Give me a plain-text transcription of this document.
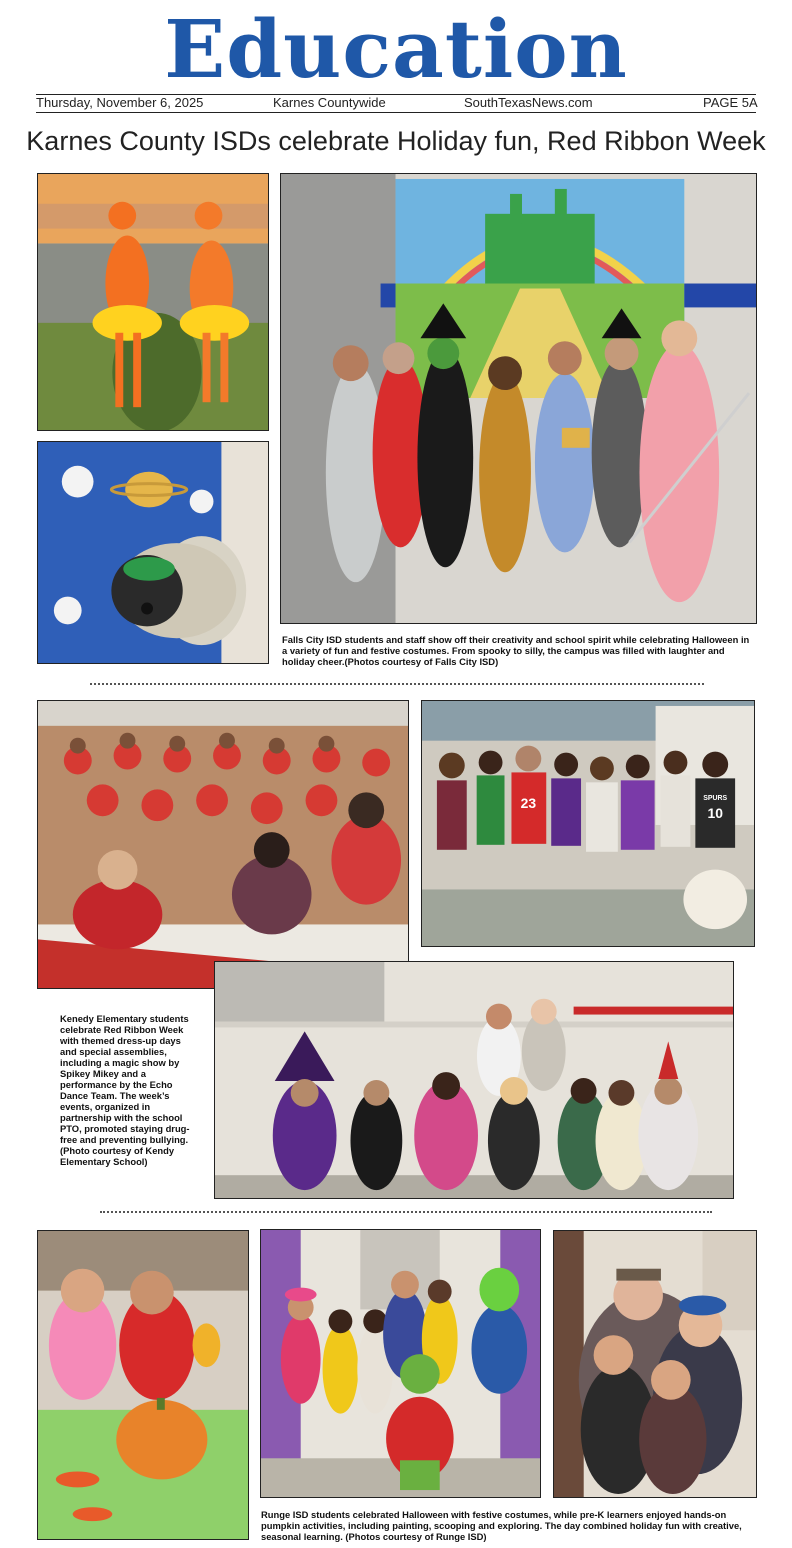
Education
Thursday, November 6, 2025	Karnes Countywide	SouthTexasNews.com	PAGE 5A
Karnes County ISDs celebrate Holiday fun, Red Ribbon Week
Falls City ISD students and staff show off their creativity and school spirit while celebrating Halloween in a variety of fun and festive costumes. From spooky to silly, the campus was filled with laughter and holiday cheer.(Photos courtesy of Falls City ISD)
23	SPURS
10
Kenedy Elementary students celebrate Red Ribbon Week with themed dress-up days and special assemblies, including a magic show by Spikey Mikey and a performance by the Echo Dance Team. The week’s events, organized in partnership with the school PTO, promoted staying drug-free and preventing bullying. (Photo courtesy of Kendy Elementary School)
Runge ISD students celebrated Halloween with festive costumes, while pre-K learners enjoyed hands-on pumpkin activities, including painting, scooping and exploring. The day combined holiday fun with creative, seasonal learning. (Photos courtesy of Runge ISD)
